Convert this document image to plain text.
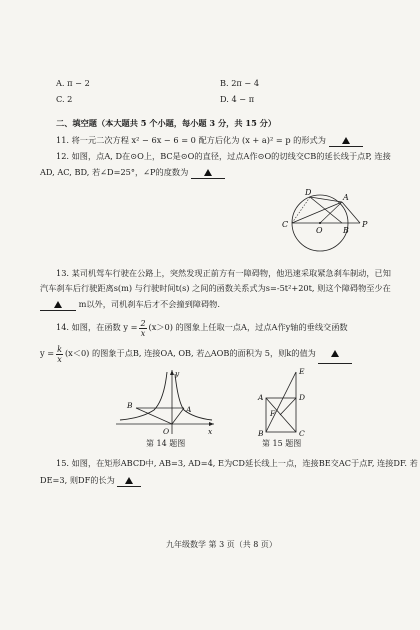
A. π − 2	B. 2π − 4
C. 2	D. 4 − π
二、填空题（本大题共 5 个小题，每小题 3 分，共 15 分）
11. 将一元二次方程 x² − 6x − 6 = 0 配方后化为 (x + a)² = p 的形式为
12. 如图，点A, D在⊙O上，BC是⊙O的直径，过点A作⊙O的切线交CB的延长线于点P, 连接
AD, AC, BD, 若∠D=25°，∠P的度数为
D
A
C
O	B
P
13. 某司机驾车行驶在公路上，突然发现正前方有一障碍物，他迅速采取紧急刹车制动，已知
汽车刹车后行驶距离s(m) 与行驶时间t(s) 之间的函数关系式为s=-5t²+20t, 则这个障碍物至少在
m以外，司机刹车后才不会撞到障碍物.
14. 如图，在函数 $y = \frac{2}{x} (x>0)$ 的图象上任取一点A，过点A作y轴的垂线交函数
$y = \frac{k}{x} (x<0)$ 的图象于点B, 连接OA, OB, 若△AOB的面积为 5，则k的值为
y
B	A
O	x
第 14 题图
E
A	D
F
B	C
第 15 题图
15. 如图，在矩形ABCD中, AB=3, AD=4, E为CD延长线上一点，连接BE交AC于点F, 连接DF. 若
DE=3, 则DF的长为
九年级数学 第 3 页（共 8 页）
